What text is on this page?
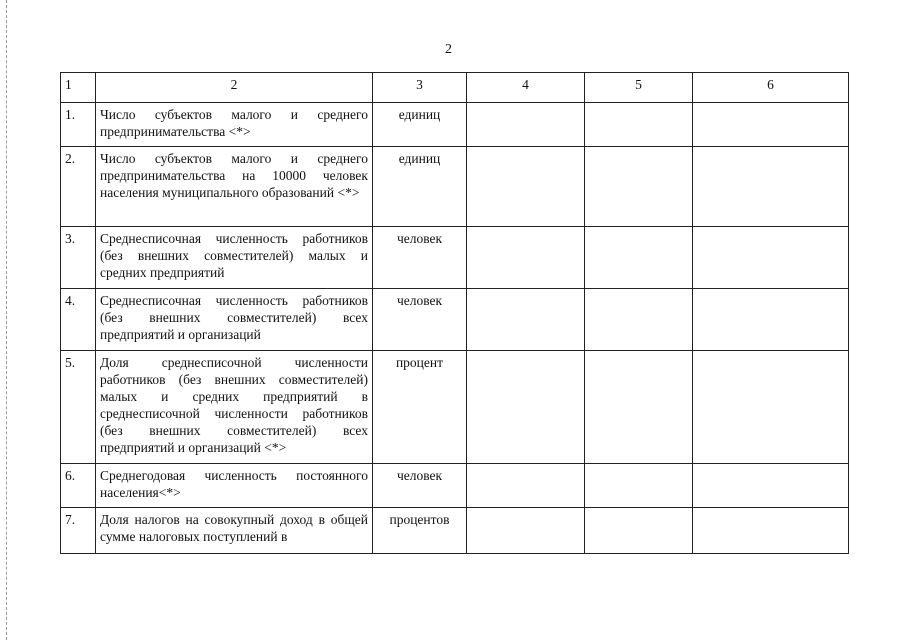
2
1	2	3	4	5	6
1.	Число субъектов малого и среднего предпринимательства <*>	единиц			
2.	Число субъектов малого и среднего предпринимательства на 10000 человек населения муниципального образований <*>	единиц			
3.	Среднесписочная численность работников (без внешних совместителей) малых и средних предприятий	человек			
4.	Среднесписочная численность работников (без внешних совместителей) всех предприятий и организаций	человек			
5.	Доля среднесписочной численности работников (без внешних совместителей) малых и средних предприятий в среднесписочной численности работников (без внешних совместителей) всех предприятий и организаций <*>	процент			
6.	Среднегодовая численность постоянного населения<*>	человек			
7.	Доля налогов на совокупный доход в общей сумме налоговых поступлений в	процентов			
